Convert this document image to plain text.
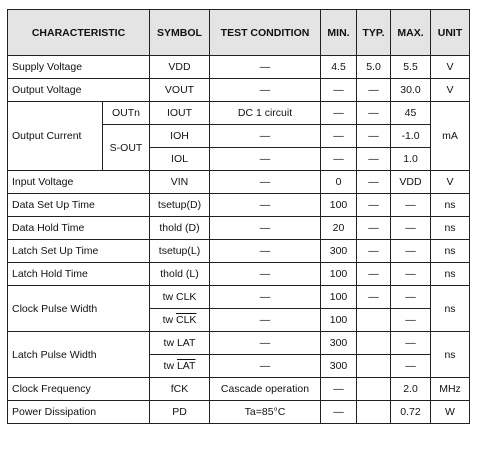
CHARACTERISTIC		SYMBOL	TEST CONDITION	MIN.	TYP.	MAX.	UNIT
Supply Voltage		VDD	—	4.5	5.0	5.5	V
Output Voltage		VOUT	—	—	—	30.0	V
Output Current	OUTn	IOUT	DC 1 circuit	—	—	45	mA
	S-OUT	IOH	—	—	—	-1.0	
		IOL	—	—	—	1.0	
Input Voltage		VIN	—	0	—	VDD	V
Data Set Up Time		tsetup(D)	—	100	—	—	ns
Data Hold Time		thold (D)	—	20	—	—	ns
Latch Set Up Time		tsetup(L)	—	300	—	—	ns
Latch Hold Time		thold (L)	—	100	—	—	ns
Clock Pulse Width		tw CLK	—	100	—	—	ns
		tw $\overline{CLK}$	—	100		—	
Latch Pulse Width		tw LAT	—	300		—	ns
		tw $\overline{LAT}$	—	300		—	
Clock Frequency		fCK	Cascade operation	—		2.0	MHz
Power Dissipation		PD	Ta=85°C	—		0.72	W
